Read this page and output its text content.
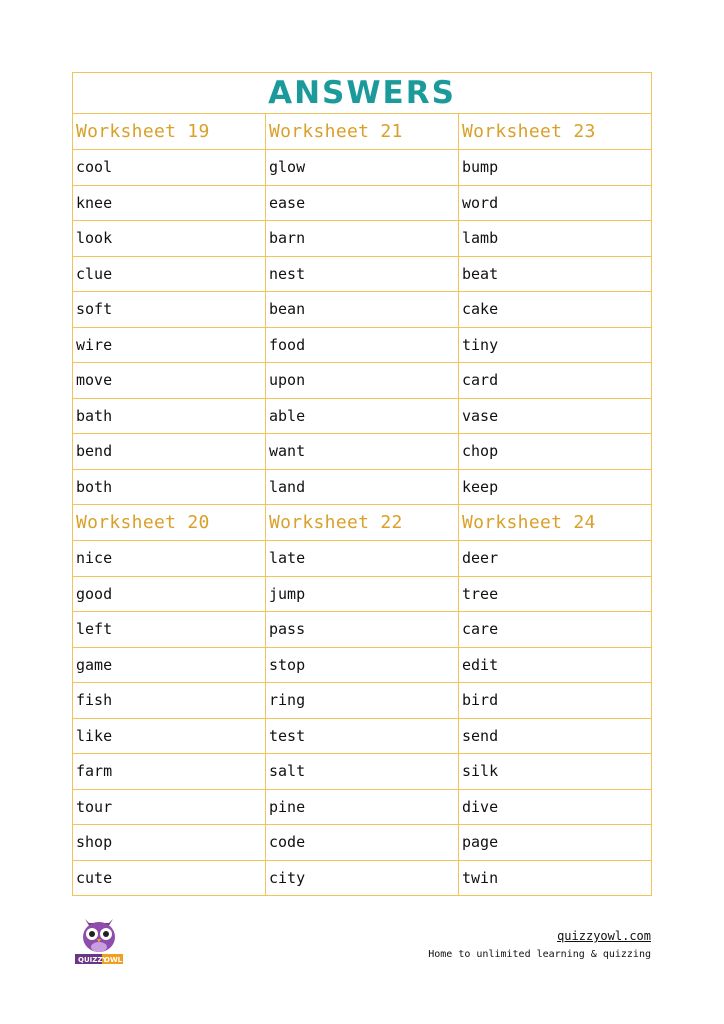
ANSWERS		
Worksheet 19	Worksheet 21	Worksheet 23
cool	glow	bump
knee	ease	word
look	barn	lamb
clue	nest	beat
soft	bean	cake
wire	food	tiny
move	upon	card
bath	able	vase
bend	want	chop
both	land	keep
Worksheet 20	Worksheet 22	Worksheet 24
nice	late	deer
good	jump	tree
left	pass	care
game	stop	edit
fish	ring	bird
like	test	send
farm	salt	silk
tour	pine	dive
shop	code	page
cute	city	twin
QUIZZY
OWL
quizzyowl.com
Home to unlimited learning & quizzing
